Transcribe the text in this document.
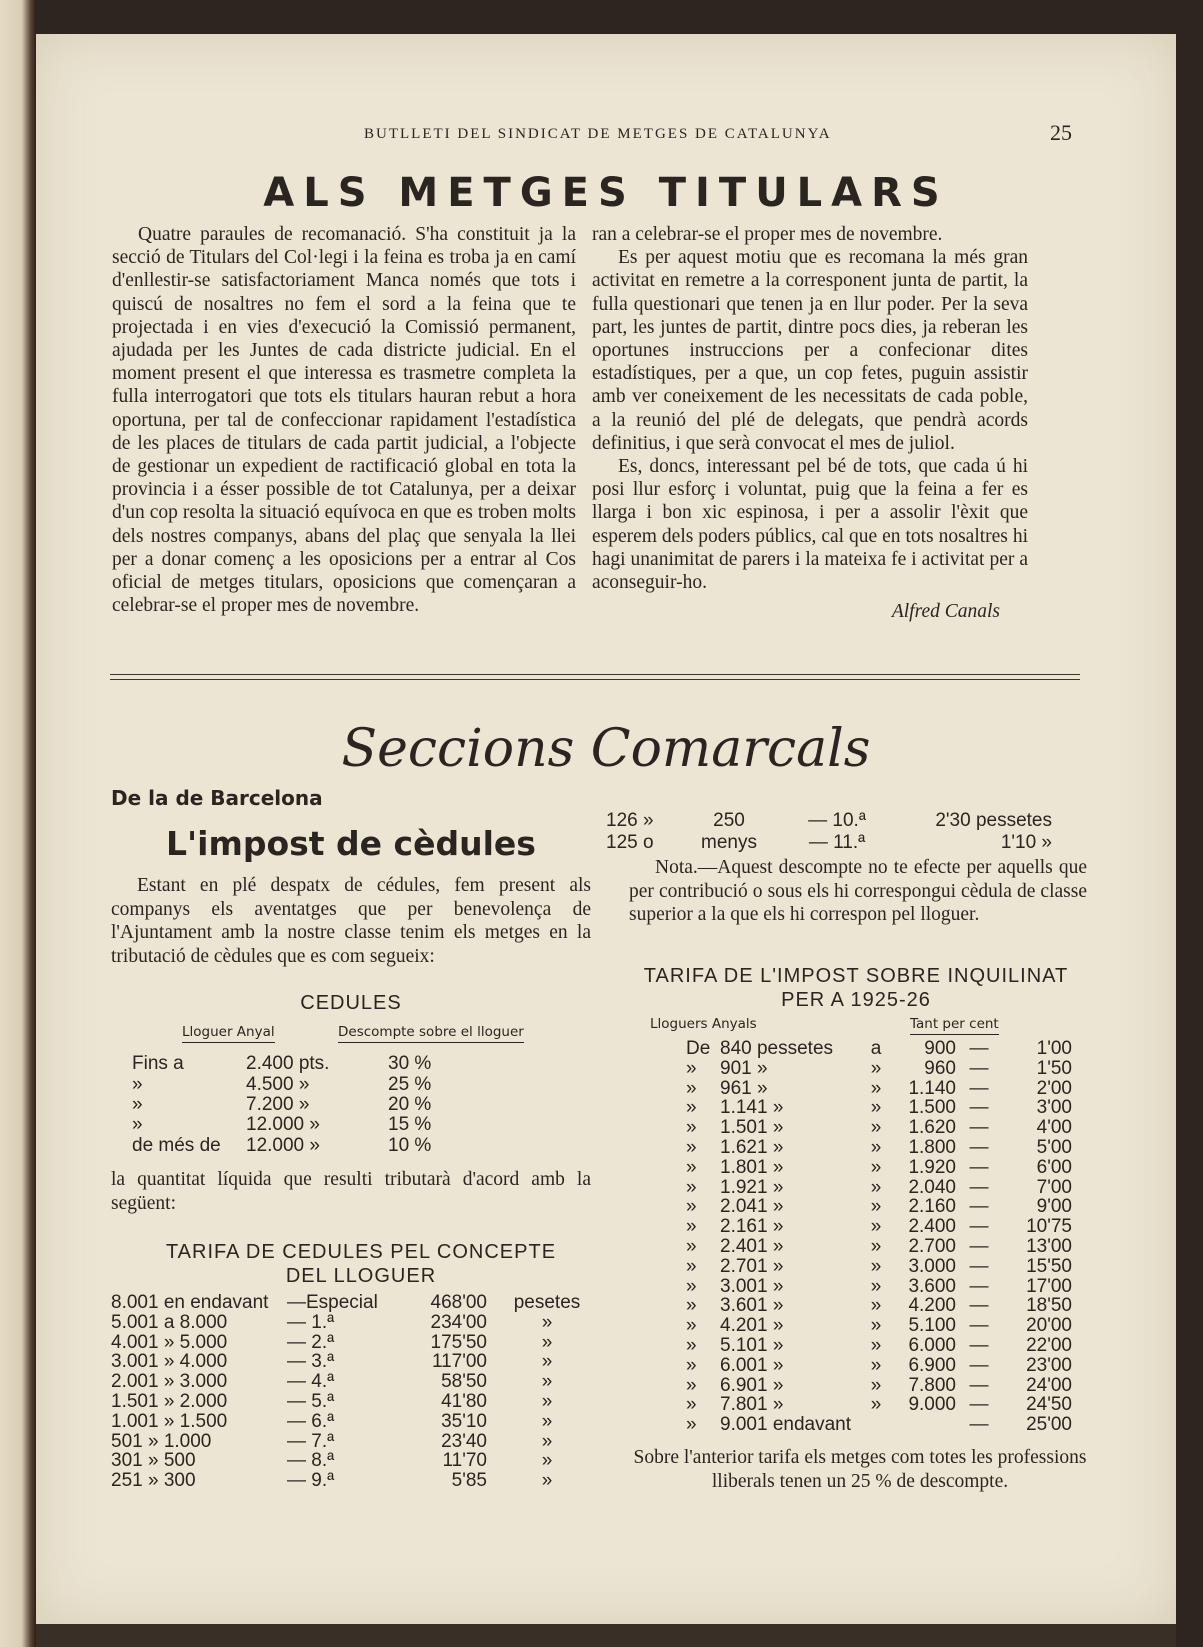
BUTLLETI DEL SINDICAT DE METGES DE CATALUNYA	25
ALS METGES TITULARS

Quatre paraules de recomanació. S'ha constituit ja la secció de Titulars del Col·legi i la feina es troba ja en camí d'enllestir-se satisfactoriament Manca només que tots i quiscú de nosaltres no fem el sord a la feina que te projectada i en vies d'execució la Comissió permanent, ajudada per les Juntes de cada districte judicial. En el moment present el que interessa es trasmetre completa la fulla interrogatori que tots els titulars hauran rebut a hora oportuna, per tal de confeccionar rapidament l'estadística de les places de titulars de cada partit judicial, a l'objecte de gestionar un expedient de ractificació global en tota la provincia i a ésser possible de tot Catalunya, per a deixar d'un cop resolta la situació equívoca en que es troben molts dels nostres companys, abans del plaç que senyala la llei per a donar començ a les oposicions per a entrar al Cos oficial de metges titulars, oposicions que començaran a celebrar-se el proper mes de novembre.

ran a celebrar-se el proper mes de novembre.

Es per aquest motiu que es recomana la més gran activitat en remetre a la corresponent junta de partit, la fulla questionari que tenen ja en llur poder. Per la seva part, les juntes de partit, dintre pocs dies, ja reberan les oportunes instruccions per a confecionar dites estadístiques, per a que, un cop fetes, puguin assistir amb ver coneixement de les necessitats de cada poble, a la reunió del plé de delegats, que pendrà acords definitius, i que serà convocat el mes de juliol.

Es, doncs, interessant pel bé de tots, que cada ú hi posi llur esforç i voluntat, puig que la feina a fer es llarga i bon xic espinosa, i per a assolir l'èxit que esperem dels poders públics, cal que en tots nosaltres hi hagi unanimitat de parers i la mateixa fe i activitat per a aconseguir-ho.

Alfred Canals

Seccions Comarcals
De la de Barcelona
L'impost de cèdules

Estant en plé despatx de cédules, fem present als companys els aventatges que per benevolença de l'Ajuntament amb la nostre classe tenim els metges en la tributació de cèdules que es com segueix:

CEDULES
Lloguer Anyal	Descompte sobre el lloguer
Fins a	2.400 pts.	30 %
»	4.500 »	25 %
»	7.200 »	20 %
»	12.000 »	15 %
de més de	12.000 »	10 %

la quantitat líquida que resulti tributarà d'acord amb la següent:

TARIFA DE CEDULES PEL CONCEPTE DEL LLOGUER
8.001 en endavant	—Especial	468'00	pesetes
5.001 a 8.000	— 1.ª	234'00	»
4.001 » 5.000	— 2.ª	175'50	»
3.001 » 4.000	— 3.ª	117'00	»
2.001 » 3.000	— 4.ª	58'50	»
1.501 » 2.000	— 5.ª	41'80	»
1.001 » 1.500	— 6.ª	35'10	»
501 » 1.000	— 7.ª	23'40	»
301 » 500	— 8.ª	11'70	»
251 » 300	— 9.ª	5'85	»
126 »	250	— 10.ª	2'30 pessetes
125 o	menys	— 11.ª	1'10 »

Nota.—Aquest descompte no te efecte per aquells que per contribució o sous els hi correspongui cèdula de classe superior a la que els hi correspon pel lloguer.

TARIFA DE L'IMPOST SOBRE INQUILINAT PER A 1925-26
Lloguers Anyals	Tant per cent
De	840 pessetes	a	900	—	1'00
»	901 »	»	960	—	1'50
»	961 »	»	1.140	—	2'00
»	1.141 »	»	1.500	—	3'00
»	1.501 »	»	1.620	—	4'00
»	1.621 »	»	1.800	—	5'00
»	1.801 »	»	1.920	—	6'00
»	1.921 »	»	2.040	—	7'00
»	2.041 »	»	2.160	—	9'00
»	2.161 »	»	2.400	—	10'75
»	2.401 »	»	2.700	—	13'00
»	2.701 »	»	3.000	—	15'50
»	3.001 »	»	3.600	—	17'00
»	3.601 »	»	4.200	—	18'50
»	4.201 »	»	5.100	—	20'00
»	5.101 »	»	6.000	—	22'00
»	6.001 »	»	6.900	—	23'00
»	6.901 »	»	7.800	—	24'00
»	7.801 »	»	9.000	—	24'50
»	9.001 endavant			—	25'00

Sobre l'anterior tarifa els metges com totes les professions lliberals tenen un 25 % de descompte.
